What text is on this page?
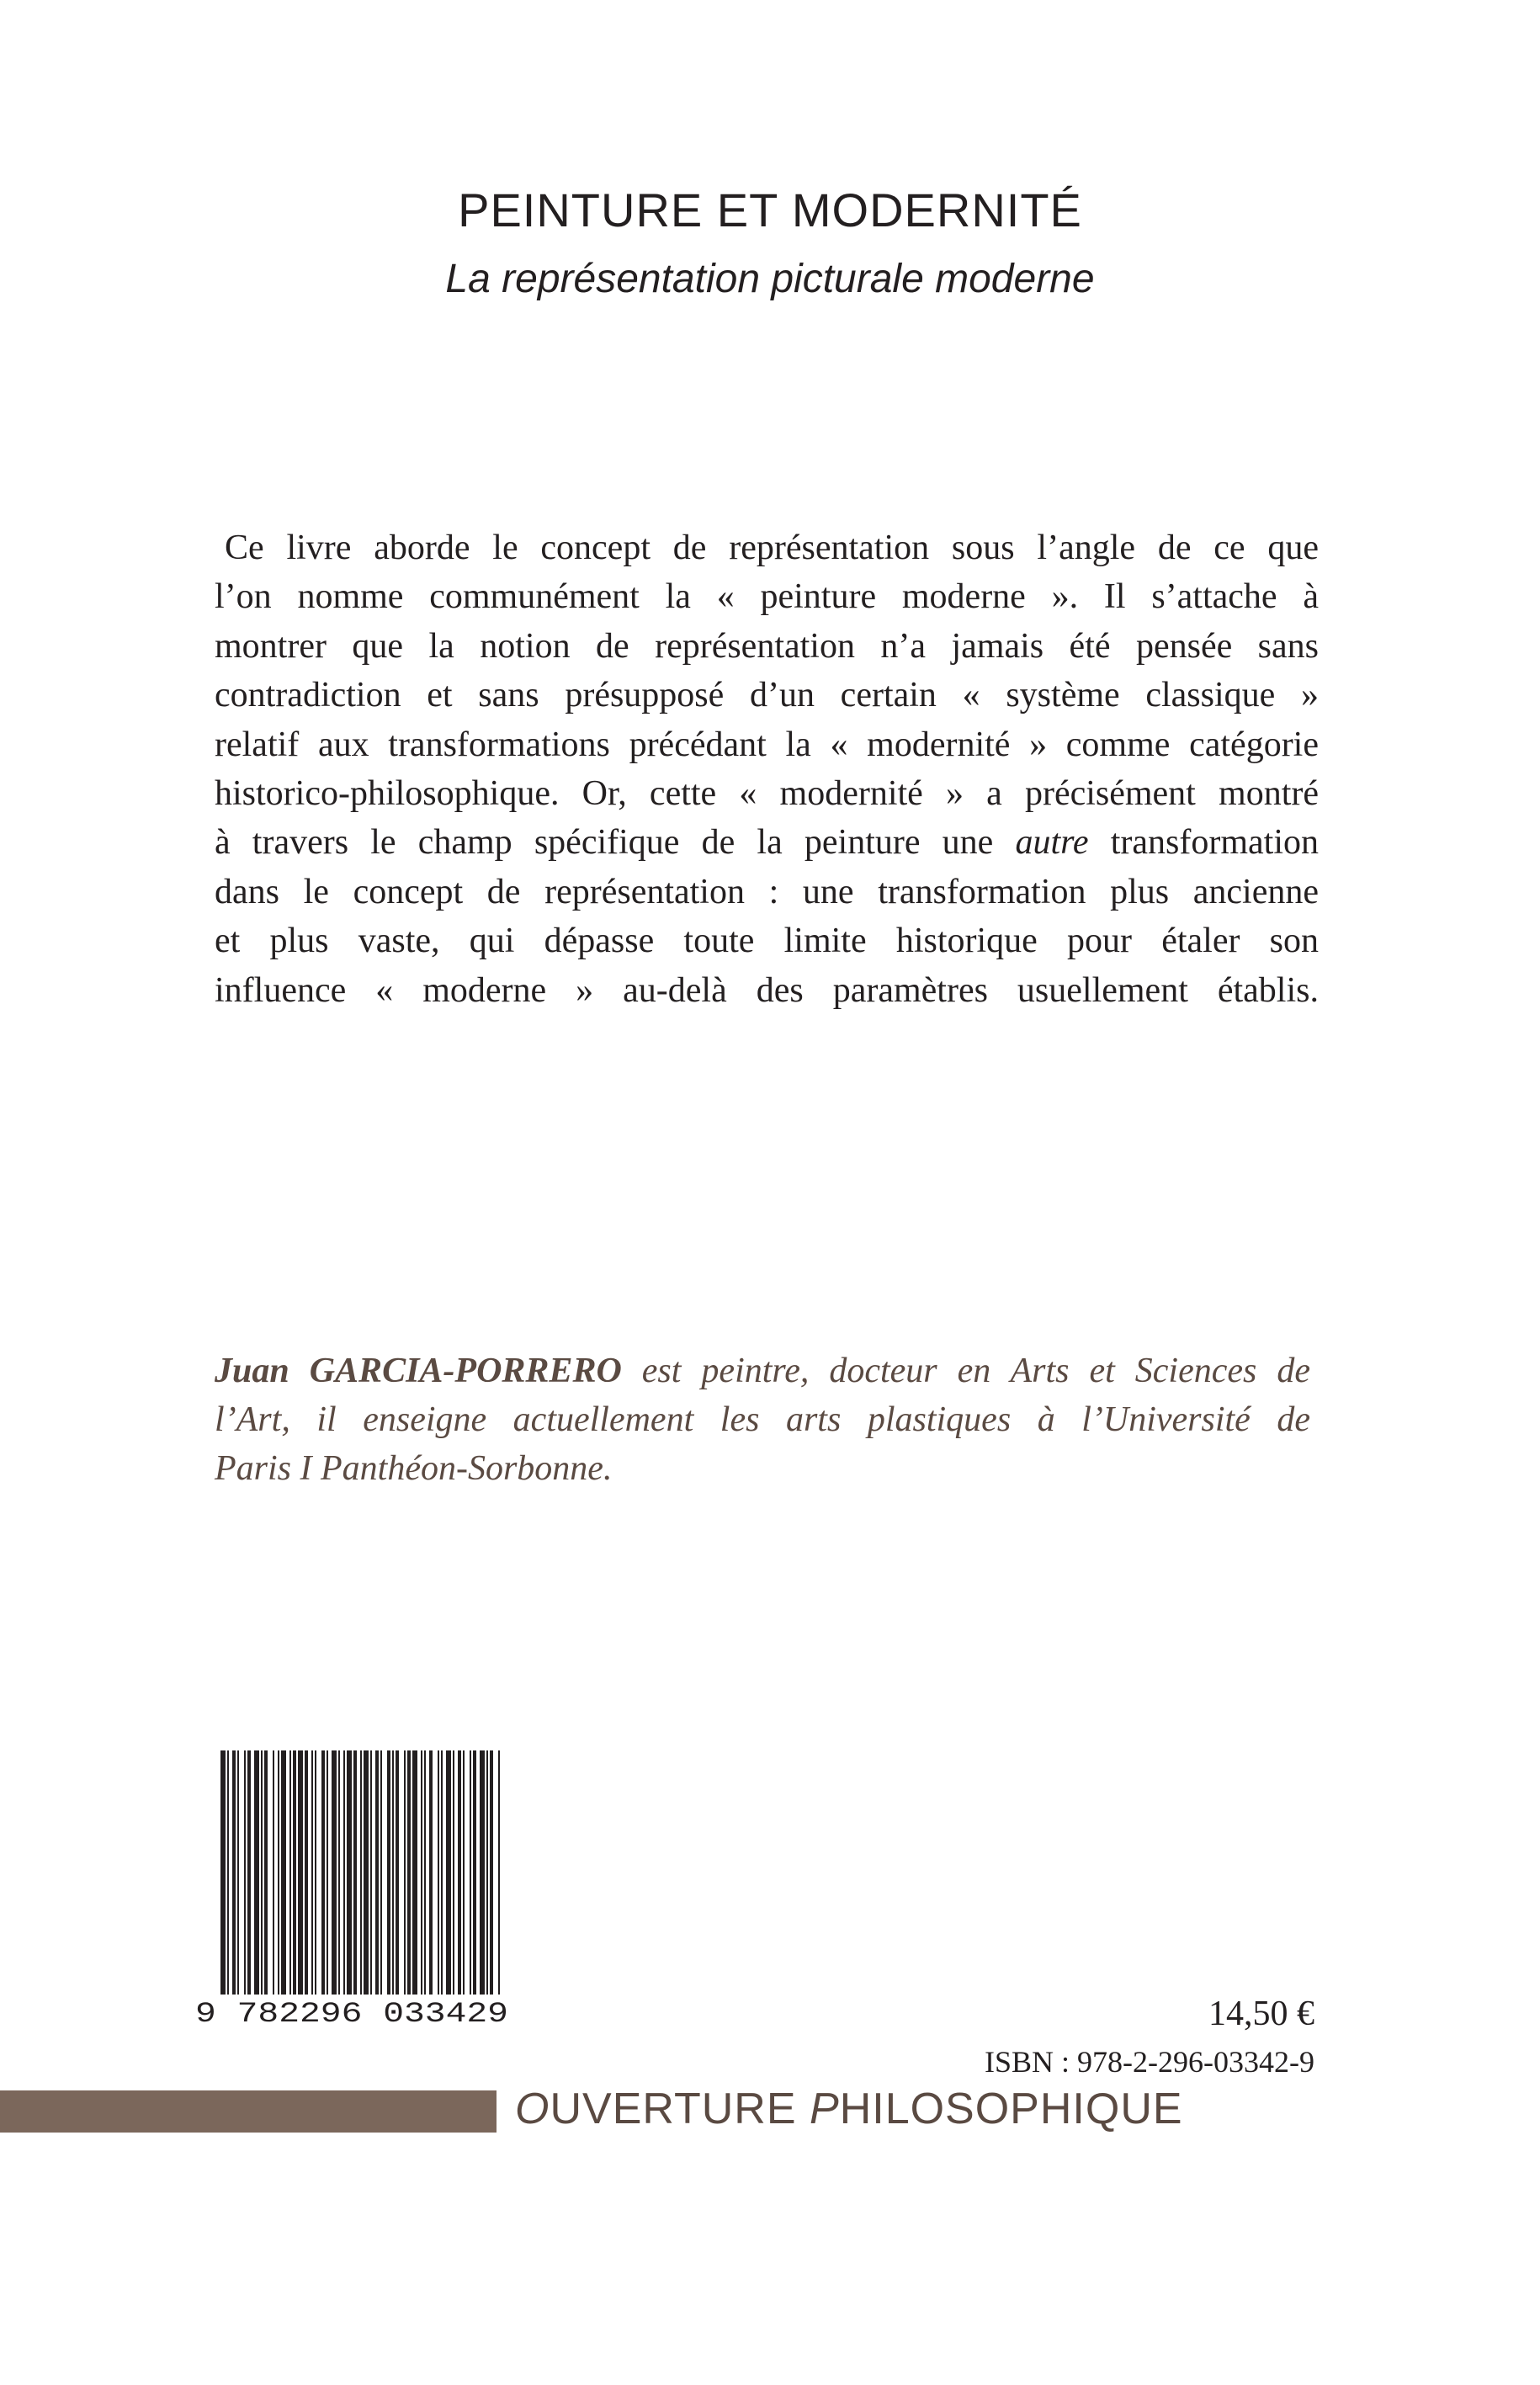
PEINTURE ET MODERNITÉ

La représentation picturale moderne

Ce livre aborde le concept de représentation sous l’angle de ce que
l’on nomme communément la « peinture moderne ». Il s’attache à
montrer que la notion de représentation n’a jamais été pensée sans
contradiction et sans présupposé d’un certain « système classique »
relatif aux transformations précédant la « modernité » comme catégorie
historico-philosophique. Or, cette « modernité » a précisément montré
à travers le champ spécifique de la peinture une autre transformation
dans le concept de représentation : une transformation plus ancienne
et plus vaste, qui dépasse toute limite historique pour étaler son
influence « moderne » au-delà des paramètres usuellement établis.
Juan GARCIA-PORRERO est peintre, docteur en Arts et Sciences de
l’Art, il enseigne actuellement les arts plastiques à l’Université de
Paris I Panthéon-Sorbonne.
9 782296 033429	14,50 €

ISBN : 978-2-296-03342-9

OUVERTURE PHILOSOPHIQUE
